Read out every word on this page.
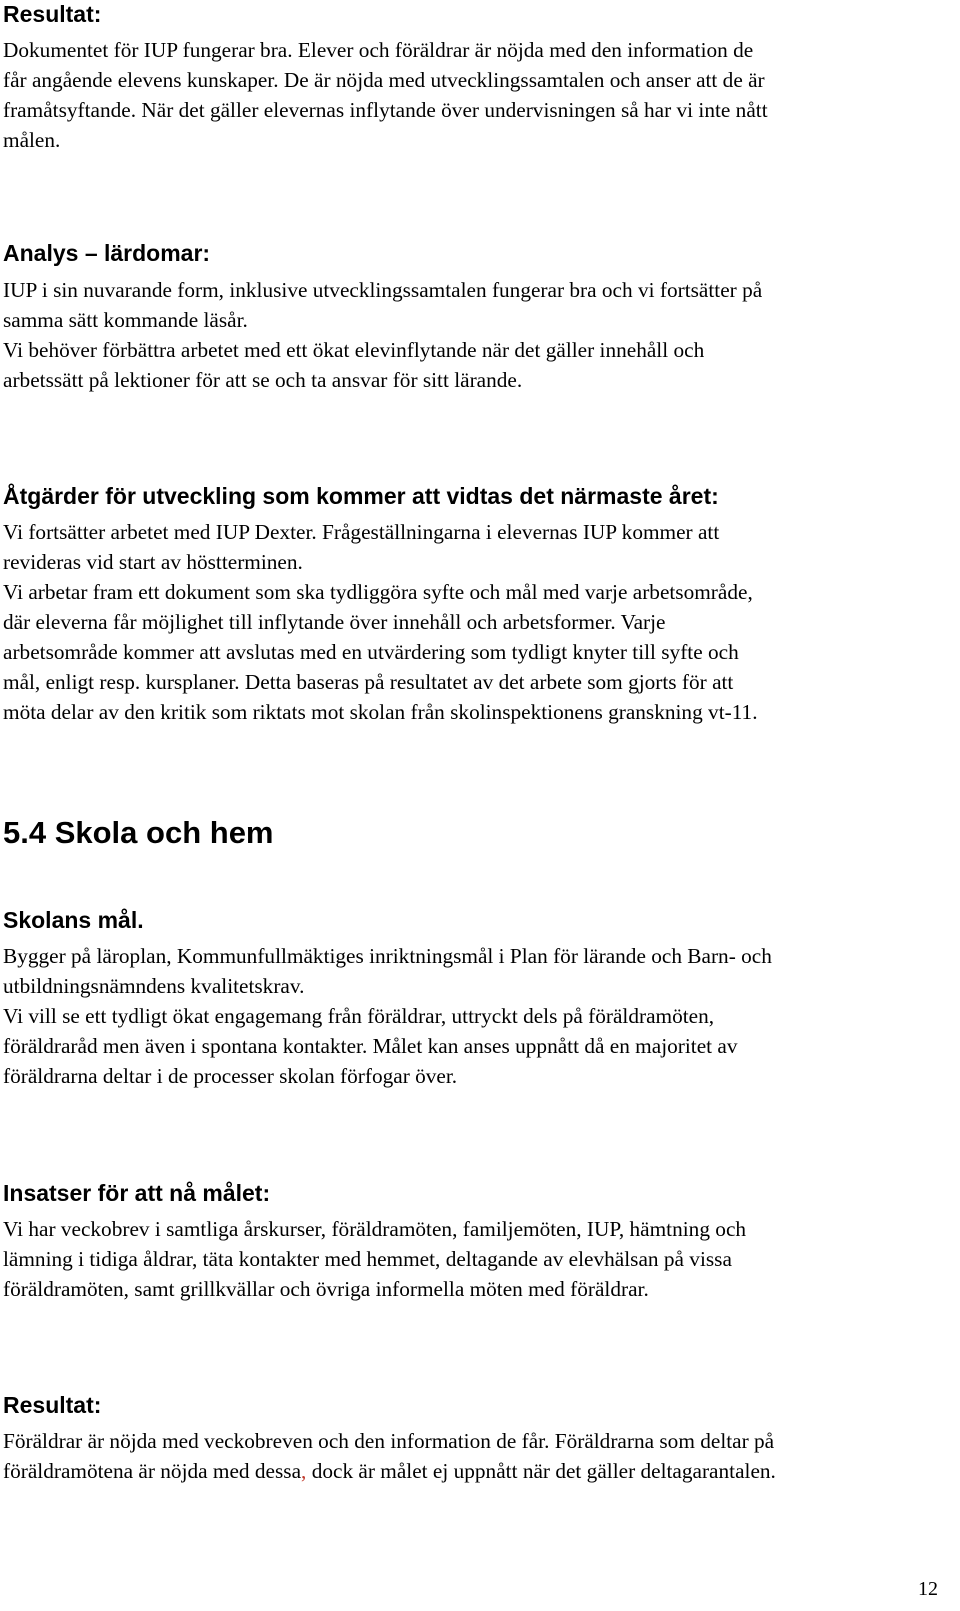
Resultat:
Dokumentet för IUP fungerar bra. Elever och föräldrar är nöjda med den information de
får angående elevens kunskaper. De är nöjda med utvecklingssamtalen och anser att de är
framåtsyftande. När det gäller elevernas inflytande över undervisningen så har vi inte nått
målen.
Analys – lärdomar:
IUP i sin nuvarande form, inklusive utvecklingssamtalen fungerar bra och vi fortsätter på
samma sätt kommande läsår.
Vi behöver förbättra arbetet med ett ökat elevinflytande när det gäller innehåll och
arbetssätt på lektioner för att se och ta ansvar för sitt lärande.
Åtgärder för utveckling som kommer att vidtas det närmaste året:
Vi fortsätter arbetet med IUP Dexter. Frågeställningarna i elevernas IUP kommer att
revideras vid start av höstterminen.
Vi arbetar fram ett dokument som ska tydliggöra syfte och mål med varje arbetsområde,
där eleverna får möjlighet till inflytande över innehåll och arbetsformer. Varje
arbetsområde kommer att avslutas med en utvärdering som tydligt knyter till syfte och
mål, enligt resp. kursplaner. Detta baseras på resultatet av det arbete som gjorts för att
möta delar av den kritik som riktats mot skolan från skolinspektionens granskning vt-11.
5.4 Skola och hem
Skolans mål.
Bygger på läroplan, Kommunfullmäktiges inriktningsmål i Plan för lärande och Barn- och
utbildningsnämndens kvalitetskrav.
Vi vill se ett tydligt ökat engagemang från föräldrar, uttryckt dels på föräldramöten,
föräldraråd men även i spontana kontakter. Målet kan anses uppnått då en majoritet av
föräldrarna deltar i de processer skolan förfogar över.
Insatser för att nå målet:
Vi har veckobrev i samtliga årskurser, föräldramöten, familjemöten, IUP, hämtning och
lämning i tidiga åldrar, täta kontakter med hemmet, deltagande av elevhälsan på vissa
föräldramöten, samt grillkvällar och övriga informella möten med föräldrar.
Resultat:
Föräldrar är nöjda med veckobreven och den information de får. Föräldrarna som deltar på
föräldramötena är nöjda med dessa, dock är målet ej uppnått när det gäller deltagarantalen.
12
